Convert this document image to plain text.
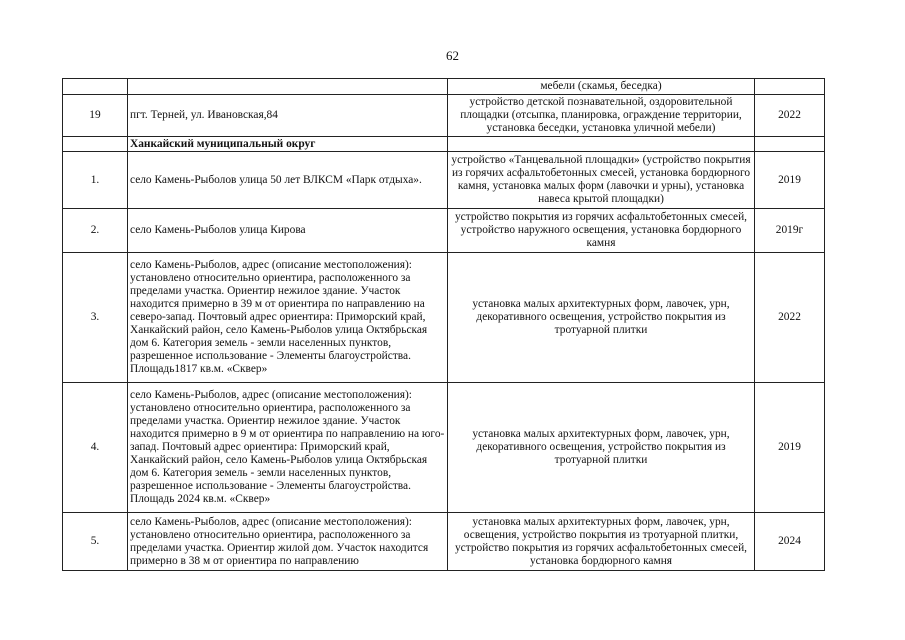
62
		мебели (скамья, беседка)	
19	пгт. Терней, ул. Ивановская,84	устройство детской познавательной, оздоровительной площадки (отсыпка, планировка, ограждение территории, установка беседки, установка уличной мебели)	2022
	Ханкайский муниципальный округ		
1.	село Камень-Рыболов улица 50 лет ВЛКСМ «Парк отдыха».	устройство «Танцевальной площадки» (устройство покрытия из горячих асфальтобетонных смесей, установка бордюрного камня, установка малых форм (лавочки и урны), установка навеса крытой площадки)	2019
2.	село Камень-Рыболов улица Кирова	устройство покрытия из горячих асфальтобетонных смесей, устройство наружного освещения, установка бордюрного камня	2019г
3.	село Камень-Рыболов, адрес (описание местоположения): установлено относительно ориентира, расположенного за пределами участка. Ориентир нежилое здание. Участок находится примерно в 39 м от ориентира по направлению на северо-запад. Почтовый адрес ориентира: Приморский край, Ханкайский район, село Камень-Рыболов улица Октябрьская дом 6. Категория земель - земли населенных пунктов, разрешенное использование - Элементы благоустройства. Площадь1817 кв.м. «Сквер»	установка малых архитектурных форм, лавочек, урн, декоративного освещения, устройство покрытия из тротуарной плитки	2022
4.	село Камень-Рыболов, адрес (описание местоположения): установлено относительно ориентира, расположенного за пределами участка. Ориентир нежилое здание. Участок находится примерно в 9 м от ориентира по направлению на юго-запад. Почтовый адрес ориентира: Приморский край, Ханкайский район, село Камень-Рыболов улица Октябрьская дом 6. Категория земель - земли населенных пунктов, разрешенное использование - Элементы благоустройства. Площадь 2024 кв.м. «Сквер»	установка малых архитектурных форм, лавочек, урн, декоративного освещения, устройство покрытия из тротуарной плитки	2019
5.	село Камень-Рыболов, адрес (описание местоположения): установлено относительно ориентира, расположенного за пределами участка. Ориентир жилой дом. Участок находится примерно в 38 м от ориентира по направлению	установка малых архитектурных форм, лавочек, урн, освещения, устройство покрытия из тротуарной плитки, устройство покрытия из горячих асфальтобетонных смесей, установка бордюрного камня	2024
